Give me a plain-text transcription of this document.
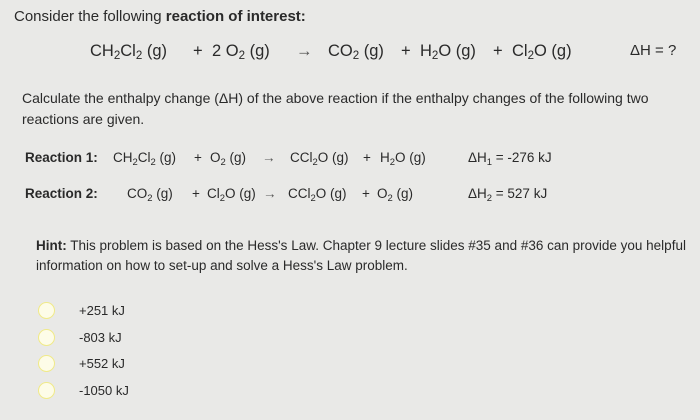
Consider the following reaction of interest:
$CH_2Cl_2$ (g) + 2 $O_2$ $(g) \to CO_2$ $(g) + H_2O$ $(g) + Cl_2O$ (g)	ΔH = ?
Calculate the enthalpy change (ΔH) of the above reaction if the enthalpy changes of the following two reactions are given.
Reaction 1: $CH_2Cl_2$ $(g) + O_2$ (g) → CCl$_2$O $(g) + H_2O$ (g)	$\Delta H_1 = -276$ kJ
Reaction 2: $CO_2$ $(g) + Cl_2O$ (g) → CCl$_2$O $(g) + O_2$ (g)	$\Delta H_2 = 527$ kJ
Hint: This problem is based on the Hess's Law. Chapter 9 lecture slides #35 and #36 can provide you helpful information on how to set-up and solve a Hess's Law problem.
+251 kJ
-803 kJ
+552 kJ
-1050 kJ
